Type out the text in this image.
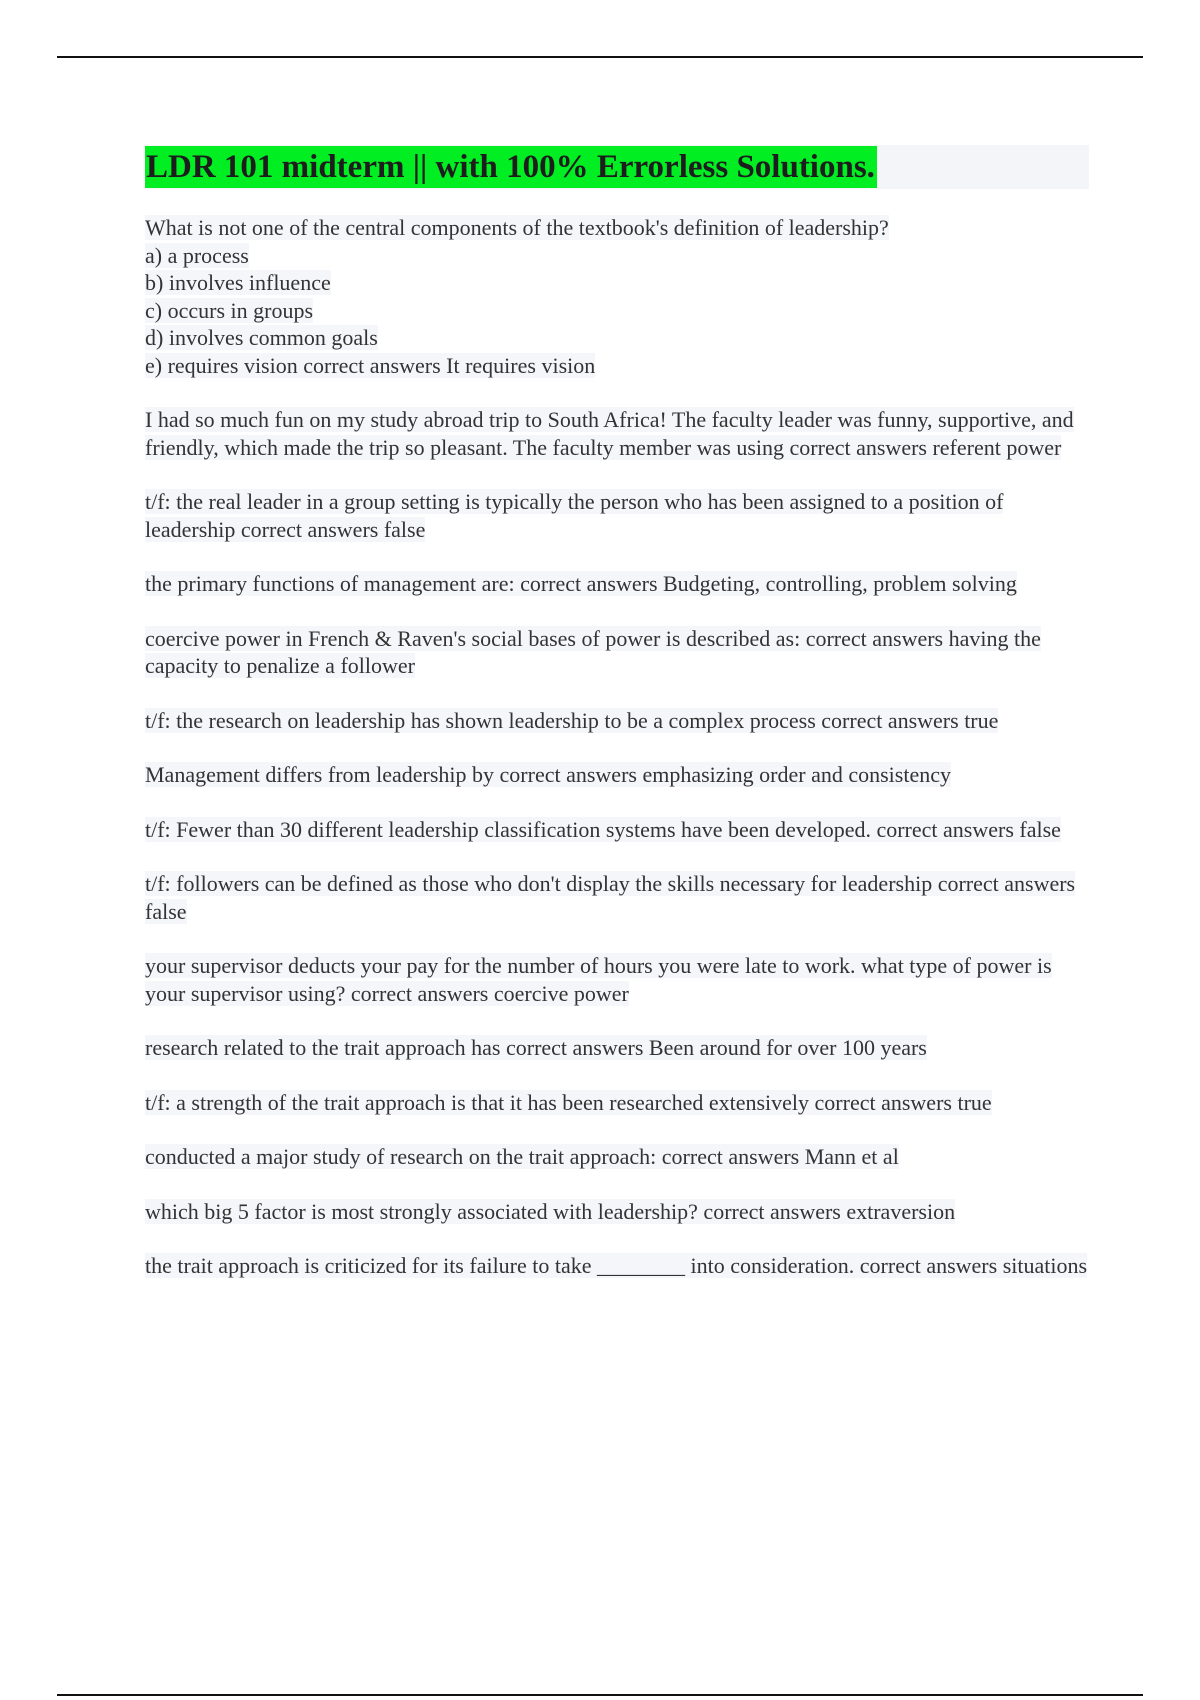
LDR 101 midterm || with 100% Errorless Solutions.
What is not one of the central components of the textbook's definition of leadership?
a) a process
b) involves influence
c) occurs in groups
d) involves common goals
e) requires vision correct answers It requires vision
I had so much fun on my study abroad trip to South Africa! The faculty leader was funny, supportive, and friendly, which made the trip so pleasant. The faculty member was using correct answers referent power
t/f: the real leader in a group setting is typically the person who has been assigned to a position of leadership correct answers false
the primary functions of management are: correct answers Budgeting, controlling, problem solving
coercive power in French & Raven's social bases of power is described as: correct answers having the capacity to penalize a follower
t/f: the research on leadership has shown leadership to be a complex process correct answers true
Management differs from leadership by correct answers emphasizing order and consistency
t/f: Fewer than 30 different leadership classification systems have been developed. correct answers false
t/f: followers can be defined as those who don't display the skills necessary for leadership correct answers false
your supervisor deducts your pay for the number of hours you were late to work. what type of power is your supervisor using? correct answers coercive power
research related to the trait approach has correct answers Been around for over 100 years
t/f: a strength of the trait approach is that it has been researched extensively correct answers true
conducted a major study of research on the trait approach: correct answers Mann et al
which big 5 factor is most strongly associated with leadership? correct answers extraversion
the trait approach is criticized for its failure to take ________ into consideration. correct answers situations
